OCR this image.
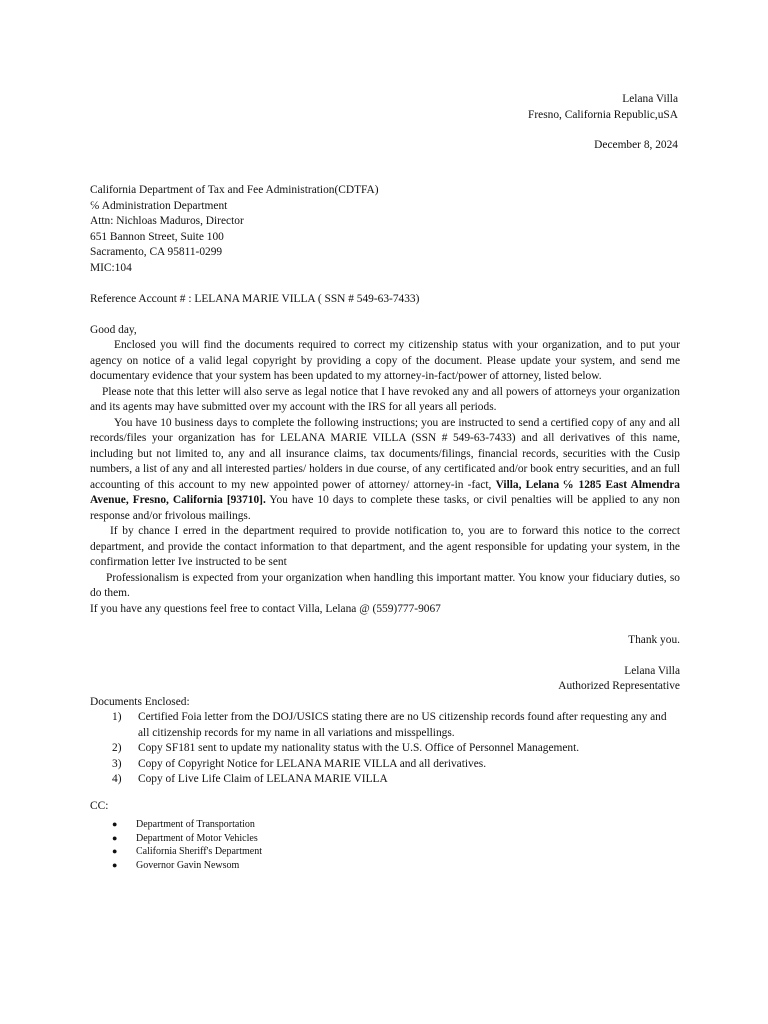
Lelana Villa
Fresno, California Republic,uSA
December 8, 2024
California Department of Tax and Fee Administration(CDTFA)
℅ Administration Department
Attn: Nichloas Maduros, Director
651 Bannon Street, Suite 100
Sacramento, CA 95811-0299
MIC:104
Reference Account # : LELANA MARIE VILLA ( SSN # 549-63-7433)
Good day,

Enclosed you will find the documents required to correct my citizenship status with your organization, and to put your agency on notice of a valid legal copyright by providing a copy of the document. Please update your system, and send me documentary evidence that your system has been updated to my attorney-in-fact/power of attorney, listed below.

Please note that this letter will also serve as legal notice that I have revoked any and all powers of attorneys your organization and its agents may have submitted over my account with the IRS for all years all periods.

You have 10 business days to complete the following instructions; you are instructed to send a certified copy of any and all records/files your organization has for LELANA MARIE VILLA (SSN # 549-63-7433) and all derivatives of this name, including but not limited to, any and all insurance claims, tax documents/filings, financial records, securities with the Cusip numbers, a list of any and all interested parties/ holders in due course, of any certificated and/or book entry securities, and an full accounting of this account to my new appointed power of attorney/ attorney-in -fact, Villa, Lelana ℅ 1285 East Almendra Avenue, Fresno, California [93710]. You have 10 days to complete these tasks, or civil penalties will be applied to any non response and/or frivolous mailings.

If by chance I erred in the department required to provide notification to, you are to forward this notice to the correct department, and provide the contact information to that department, and the agent responsible for updating your system, in the confirmation letter Ive instructed to be sent

Professionalism is expected from your organization when handling this important matter. You know your fiduciary duties, so do them.

If you have any questions feel free to contact Villa, Lelana @ (559)777-9067
Thank you.
Lelana Villa
Authorized Representative
Documents Enclosed:
1) Certified Foia letter from the DOJ/USICS stating there are no US citizenship records found after requesting any and all citizenship records for my name in all variations and misspellings.
2) Copy SF181 sent to update my nationality status with the U.S. Office of Personnel Management.
3) Copy of Copyright Notice for LELANA MARIE VILLA and all derivatives.
4) Copy of Live Life Claim of LELANA MARIE VILLA
CC:
● Department of Transportation
● Department of Motor Vehicles
● California Sheriff's Department
● Governor Gavin Newsom
